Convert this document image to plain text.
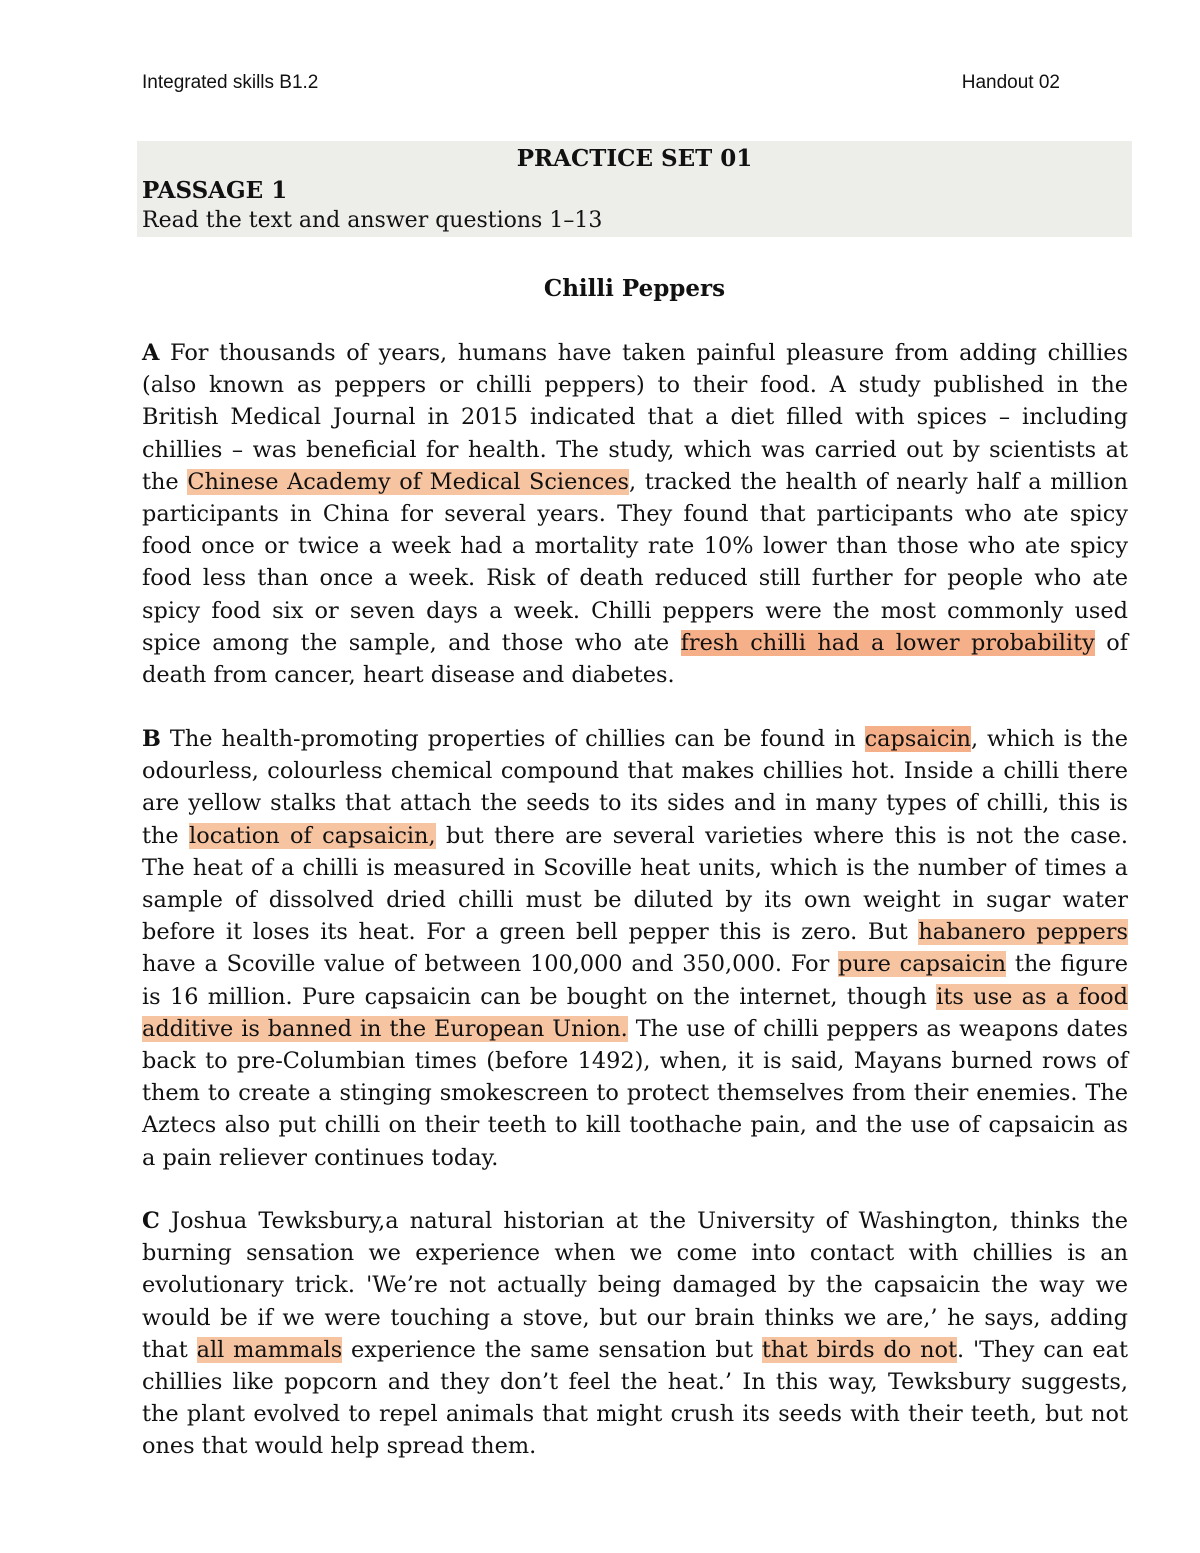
Integrated skills B1.2	Handout 02
PRACTICE SET 01
PASSAGE 1
Read the text and answer questions 1–13
Chilli Peppers

A For thousands of years, humans have taken painful pleasure from adding chillies (also known as peppers or chilli peppers) to their food. A study published in the British Medical Journal in 2015 indicated that a diet filled with spices – including chillies – was beneficial for health. The study, which was carried out by scientists at the Chinese Academy of Medical Sciences, tracked the health of nearly half a million participants in China for several years. They found that participants who ate spicy food once or twice a week had a mortality rate 10% lower than those who ate spicy food less than once a week. Risk of death reduced still further for people who ate spicy food six or seven days a week. Chilli peppers were the most commonly used spice among the sample, and those who ate fresh chilli had a lower probability of death from cancer, heart disease and diabetes.

B The health-promoting properties of chillies can be found in capsaicin, which is the odourless, colourless chemical compound that makes chillies hot. Inside a chilli there are yellow stalks that attach the seeds to its sides and in many types of chilli, this is the location of capsaicin, but there are several varieties where this is not the case. The heat of a chilli is measured in Scoville heat units, which is the number of times a sample of dissolved dried chilli must be diluted by its own weight in sugar water before it loses its heat. For a green bell pepper this is zero. But habanero peppers have a Scoville value of between 100,000 and 350,000. For pure capsaicin the figure is 16 million. Pure capsaicin can be bought on the internet, though its use as a food additive is banned in the European Union. The use of chilli peppers as weapons dates back to pre-Columbian times (before 1492), when, it is said, Mayans burned rows of them to create a stinging smokescreen to protect themselves from their enemies. The Aztecs also put chilli on their teeth to kill toothache pain, and the use of capsaicin as a pain reliever continues today.

C Joshua Tewksbury,a natural historian at the University of Washington, thinks the burning sensation we experience when we come into contact with chillies is an evolutionary trick. 'We’re not actually being damaged by the capsaicin the way we would be if we were touching a stove, but our brain thinks we are,’ he says, adding that all mammals experience the same sensation but that birds do not. 'They can eat chillies like popcorn and they don’t feel the heat.’ In this way, Tewksbury suggests, the plant evolved to repel animals that might crush its seeds with their teeth, but not ones that would help spread them.
